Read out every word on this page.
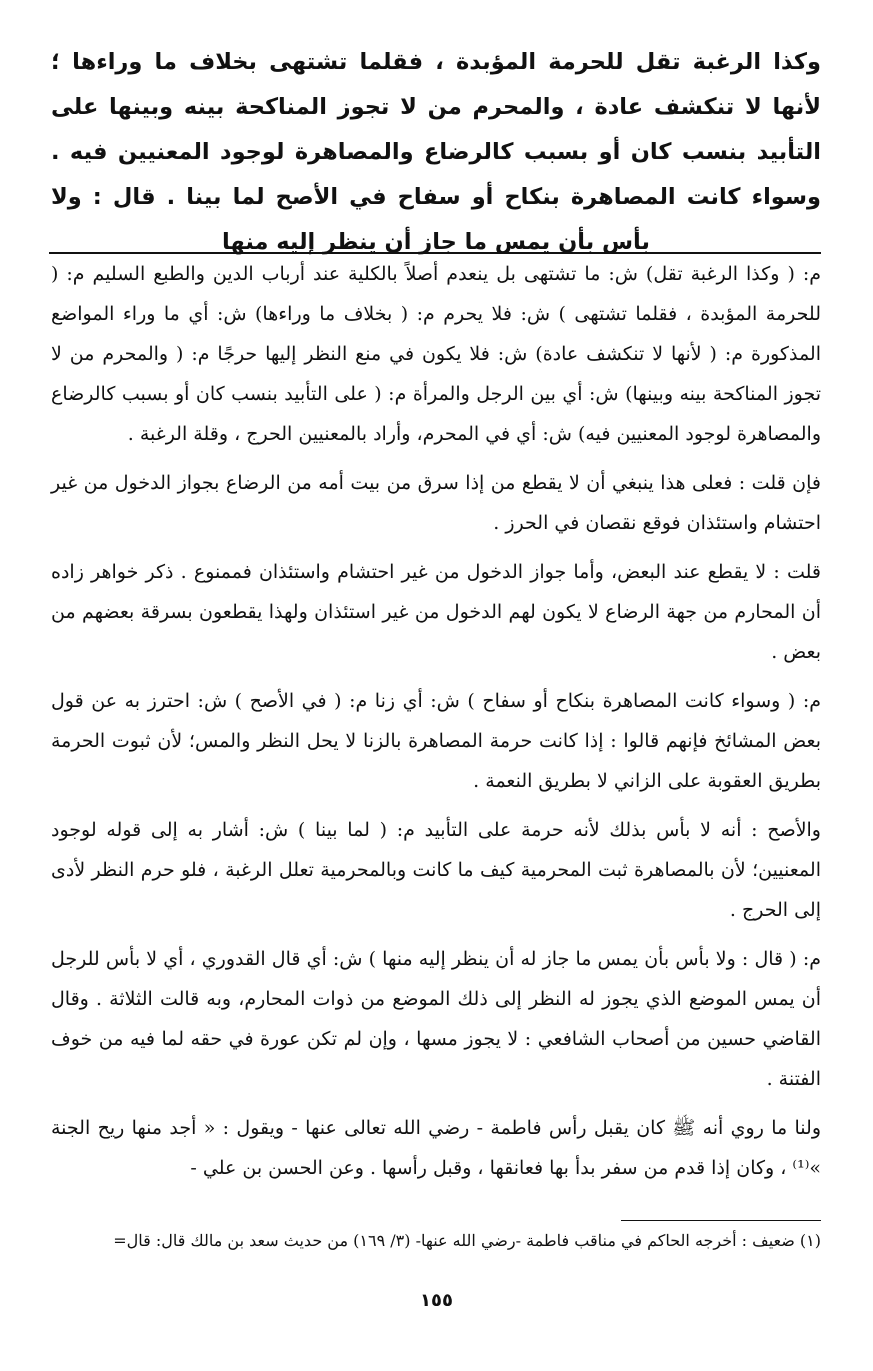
وكذا الرغبة تقل للحرمة المؤبدة ، فقلما تشتهى بخلاف ما وراءها ؛ لأنها لا تنكشف عادة ، والمحرم من لا تجوز المناكحة بينه وبينها على التأبيد بنسب كان أو بسبب كالرضاع والمصاهرة لوجود المعنيين فيه . وسواء كانت المصاهرة بنكاح أو سفاح في الأصح لما بينا . قال : ولا بأس بأن يمس ما جاز أن ينظر إليه منها

م: ( وكذا الرغبة تقل) ش: ما تشتهى بل ينعدم أصلاً بالكلية عند أرباب الدين والطبع السليم م: ( للحرمة المؤبدة ، فقلما تشتهى ) ش: فلا يحرم م: ( بخلاف ما وراءها) ش: أي ما وراء المواضع المذكورة م: ( لأنها لا تنكشف عادة) ش: فلا يكون في منع النظر إليها حرجًا م: ( والمحرم من لا تجوز المناكحة بينه وبينها) ش: أي بين الرجل والمرأة م: ( على التأبيد بنسب كان أو بسبب كالرضاع والمصاهرة لوجود المعنيين فيه) ش: أي في المحرم، وأراد بالمعنيين الحرج ، وقلة الرغبة .

فإن قلت : فعلى هذا ينبغي أن لا يقطع من إذا سرق من بيت أمه من الرضاع بجواز الدخول من غير احتشام واستئذان فوقع نقصان في الحرز .

قلت : لا يقطع عند البعض، وأما جواز الدخول من غير احتشام واستئذان فممنوع . ذكر خواهر زاده أن المحارم من جهة الرضاع لا يكون لهم الدخول من غير استئذان ولهذا يقطعون بسرقة بعضهم من بعض .

م: ( وسواء كانت المصاهرة بنكاح أو سفاح ) ش: أي زنا م: ( في الأصح ) ش: احترز به عن قول بعض المشائخ فإنهم قالوا : إذا كانت حرمة المصاهرة بالزنا لا يحل النظر والمس؛ لأن ثبوت الحرمة بطريق العقوبة على الزاني لا بطريق النعمة .

والأصح : أنه لا بأس بذلك لأنه حرمة على التأبيد م: ( لما بينا ) ش: أشار به إلى قوله لوجود المعنيين؛ لأن بالمصاهرة ثبت المحرمية كيف ما كانت وبالمحرمية تعلل الرغبة ، فلو حرم النظر لأدى إلى الحرج .

م: ( قال : ولا بأس بأن يمس ما جاز له أن ينظر إليه منها ) ش: أي قال القدوري ، أي لا بأس للرجل أن يمس الموضع الذي يجوز له النظر إلى ذلك الموضع من ذوات المحارم، وبه قالت الثلاثة . وقال القاضي حسين من أصحاب الشافعي : لا يجوز مسها ، وإن لم تكن عورة في حقه لما فيه من خوف الفتنة .

ولنا ما روي أنه ﷺ كان يقبل رأس فاطمة - رضي الله تعالى عنها - ويقول : « أجد منها ريح الجنة »⁽¹⁾ ، وكان إذا قدم من سفر بدأ بها فعانقها ، وقبل رأسها . وعن الحسن بن علي -

(١) ضعيف : أخرجه الحاكم في مناقب فاطمة -رضي الله عنها- (٣/ ١٦٩) من حديث سعد بن مالك قال: قال=
١٥٥
